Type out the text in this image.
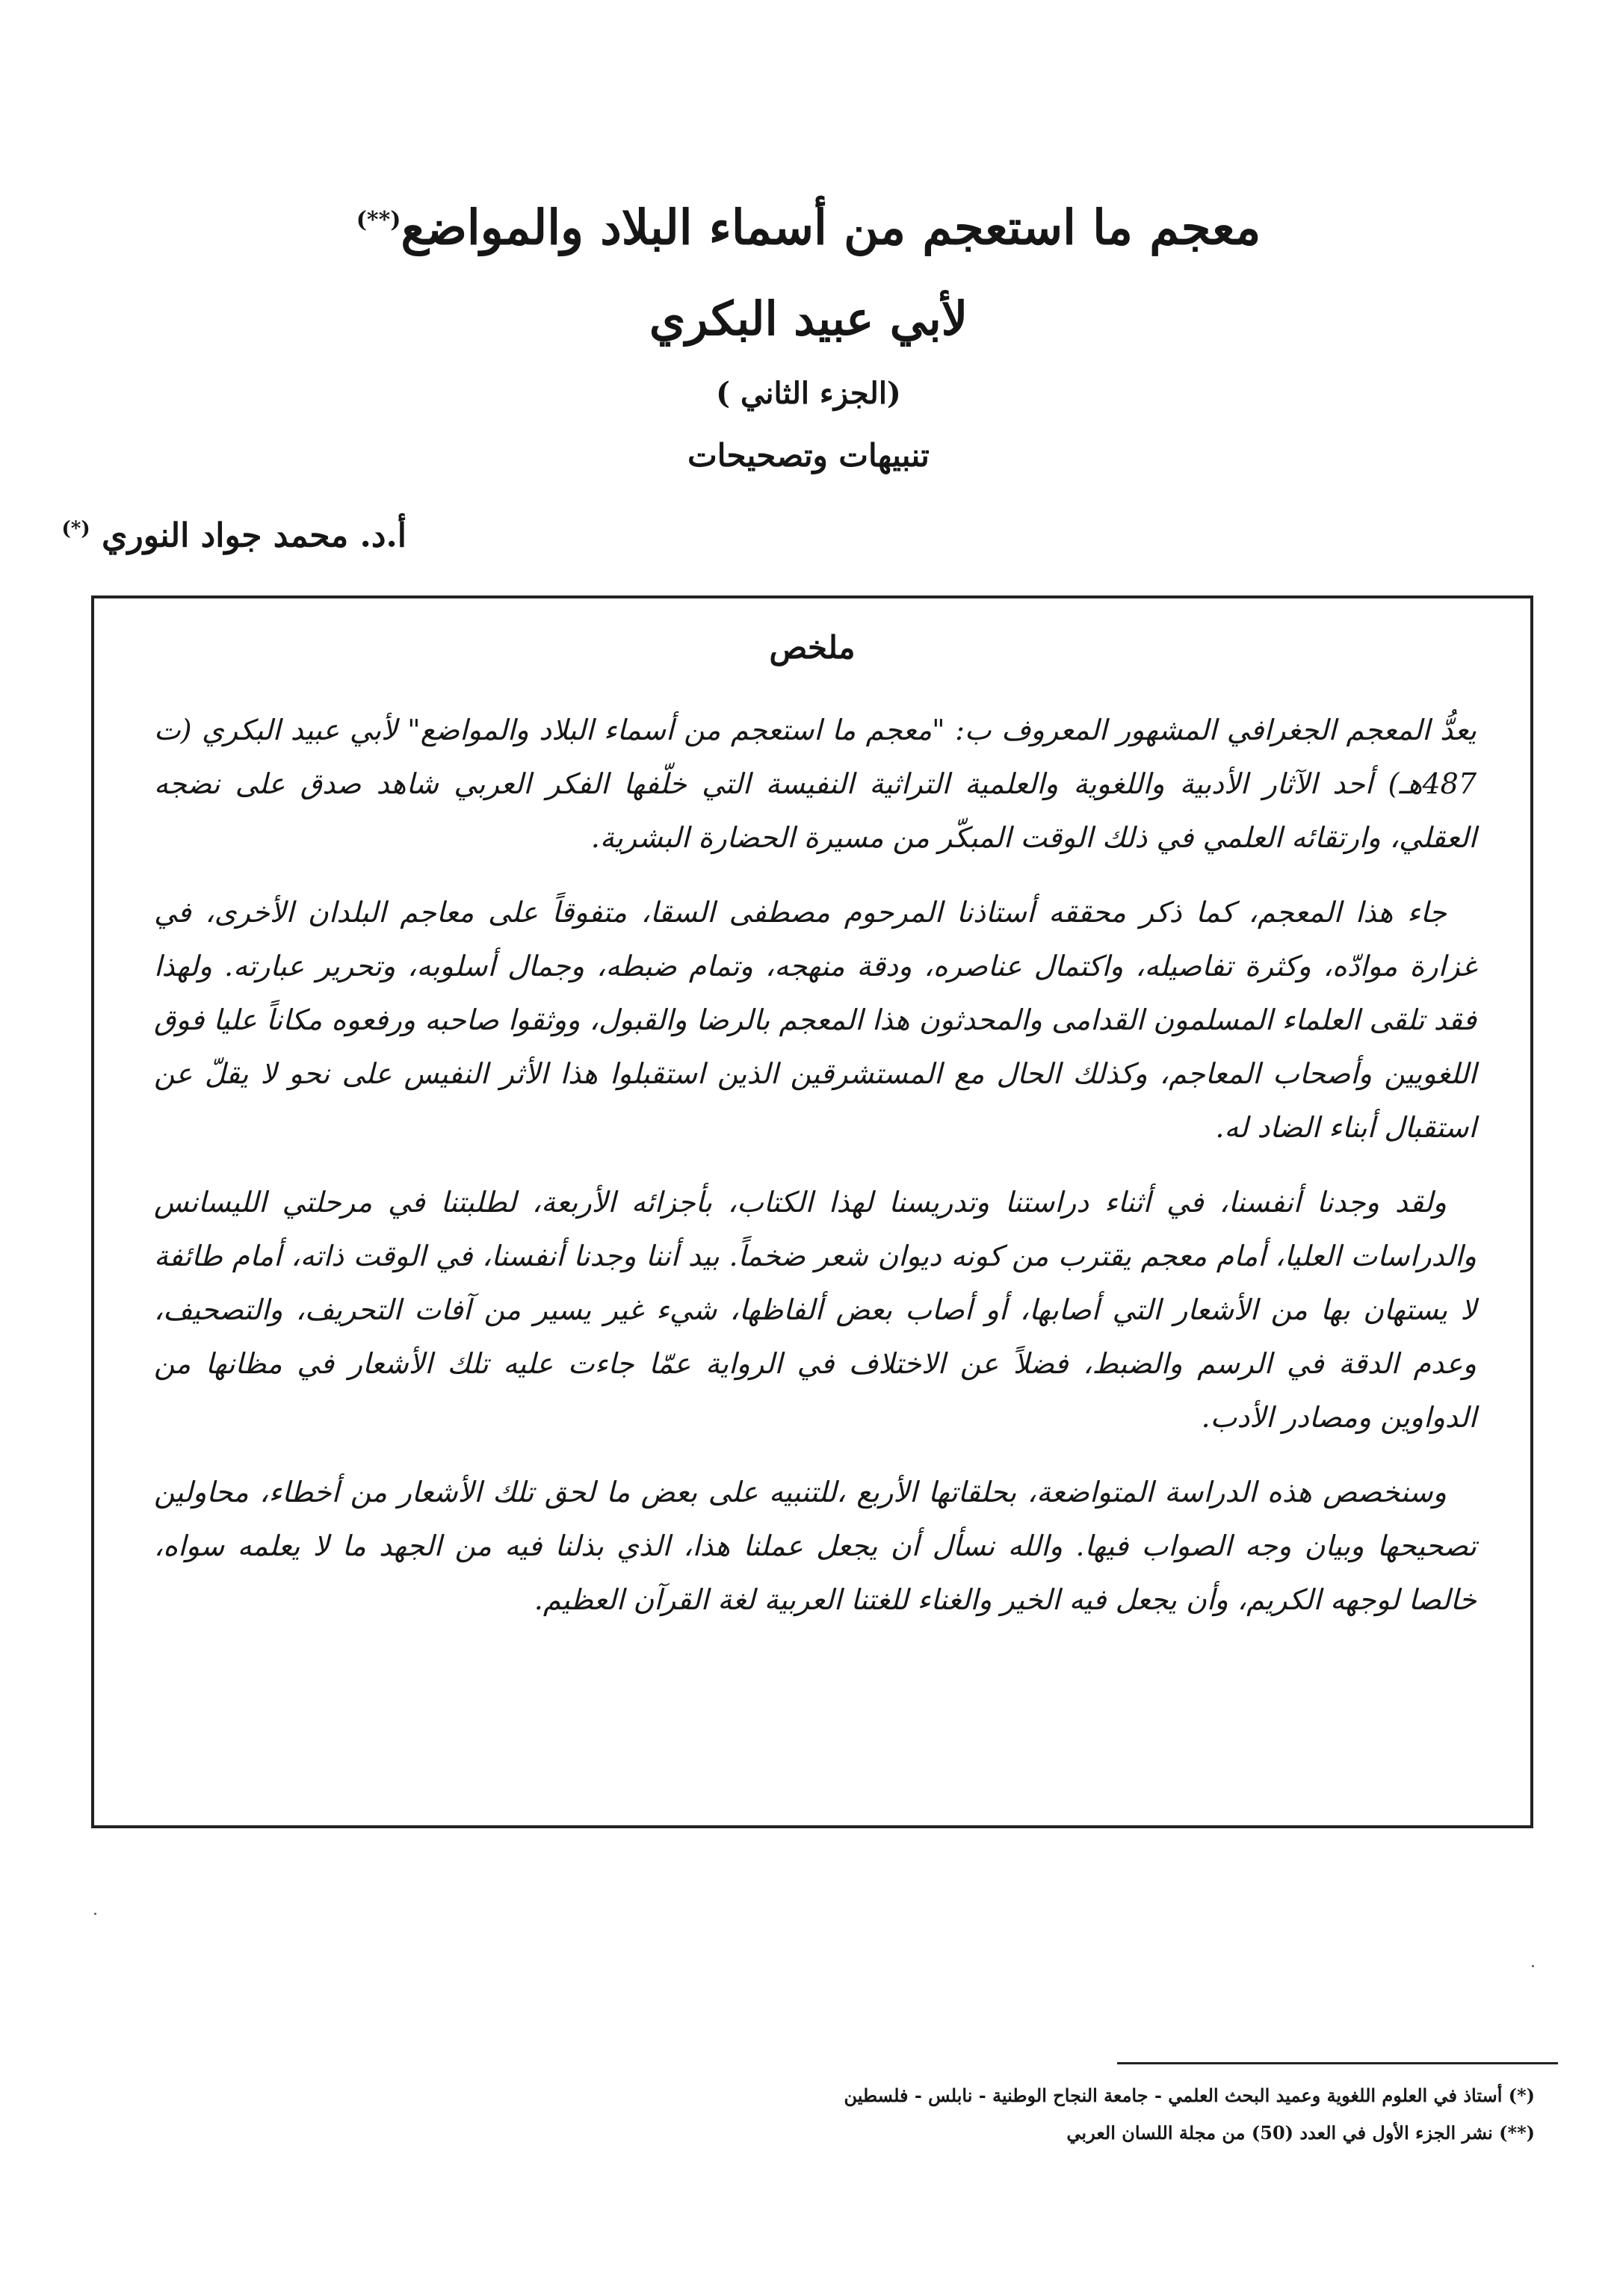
معجم ما استعجم من أسماء البلاد والمواضع(**)
لأبي عبيد البكري
(الجزء الثاني )
تنبيهات وتصحيحات
أ.د. محمد جواد النوري (*)
ملخص

يعدُّ المعجم الجغرافي المشهور المعروف ب: "معجم ما استعجم من أسماء البلاد والمواضع" لأبي عبيد البكري (ت 487هـ) أحد الآثار الأدبية واللغوية والعلمية التراثية النفيسة التي خلّفها الفكر العربي شاهد صدق على نضجه العقلي، وارتقائه العلمي في ذلك الوقت المبكّر من مسيرة الحضارة البشرية.

جاء هذا المعجم، كما ذكر محققه أستاذنا المرحوم مصطفى السقا، متفوقاً على معاجم البلدان الأخرى، في غزارة موادّه، وكثرة تفاصيله، واكتمال عناصره، ودقة منهجه، وتمام ضبطه، وجمال أسلوبه، وتحرير عبارته. ولهذا فقد تلقى العلماء المسلمون القدامى والمحدثون هذا المعجم بالرضا والقبول، ووثقوا صاحبه ورفعوه مكاناً عليا فوق اللغويين وأصحاب المعاجم، وكذلك الحال مع المستشرقين الذين استقبلوا هذا الأثر النفيس على نحو لا يقلّ عن استقبال أبناء الضاد له.

ولقد وجدنا أنفسنا، في أثناء دراستنا وتدريسنا لهذا الكتاب، بأجزائه الأربعة، لطلبتنا في مرحلتي الليسانس والدراسات العليا، أمام معجم يقترب من كونه ديوان شعر ضخماً. بيد أننا وجدنا أنفسنا، في الوقت ذاته، أمام طائفة لا يستهان بها من الأشعار التي أصابها، أو أصاب بعض ألفاظها، شيء غير يسير من آفات التحريف، والتصحيف، وعدم الدقة في الرسم والضبط، فضلاً عن الاختلاف في الرواية عمّا جاءت عليه تلك الأشعار في مظانها من الدواوين ومصادر الأدب.

وسنخصص هذه الدراسة المتواضعة، بحلقاتها الأربع ،للتنبيه على بعض ما لحق تلك الأشعار من أخطاء، محاولين تصحيحها وبيان وجه الصواب فيها. والله نسأل أن يجعل عملنا هذا، الذي بذلنا فيه من الجهد ما لا يعلمه سواه، خالصا لوجهه الكريم، وأن يجعل فيه الخير والغناء للغتنا العربية لغة القرآن العظيم.

(*) أستاذ في العلوم اللغوية وعميد البحث العلمي - جامعة النجاح الوطنية - نابلس - فلسطين
(**) نشر الجزء الأول في العدد (50) من مجلة اللسان العربي
